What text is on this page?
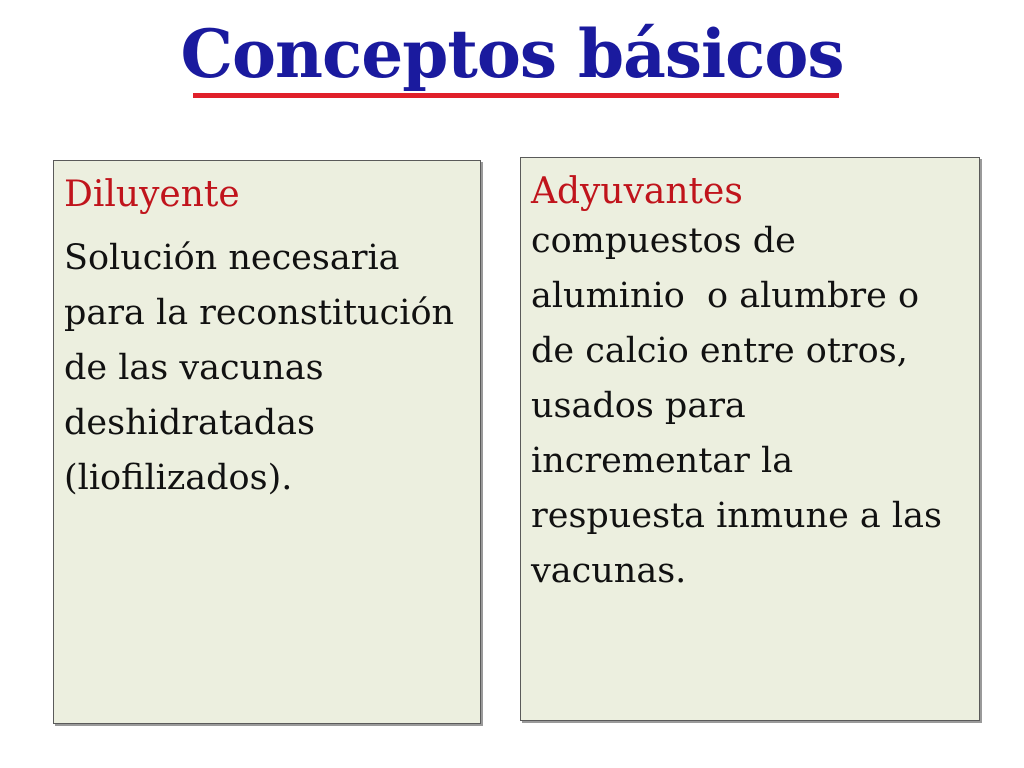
Conceptos básicos
Diluyente
Solución necesaria
para la reconstitución
de las vacunas
deshidratadas
(liofilizados).
Adyuvantes
compuestos de
aluminio  o alumbre o
de calcio entre otros,
usados para
incrementar la
respuesta inmune a las
vacunas.
